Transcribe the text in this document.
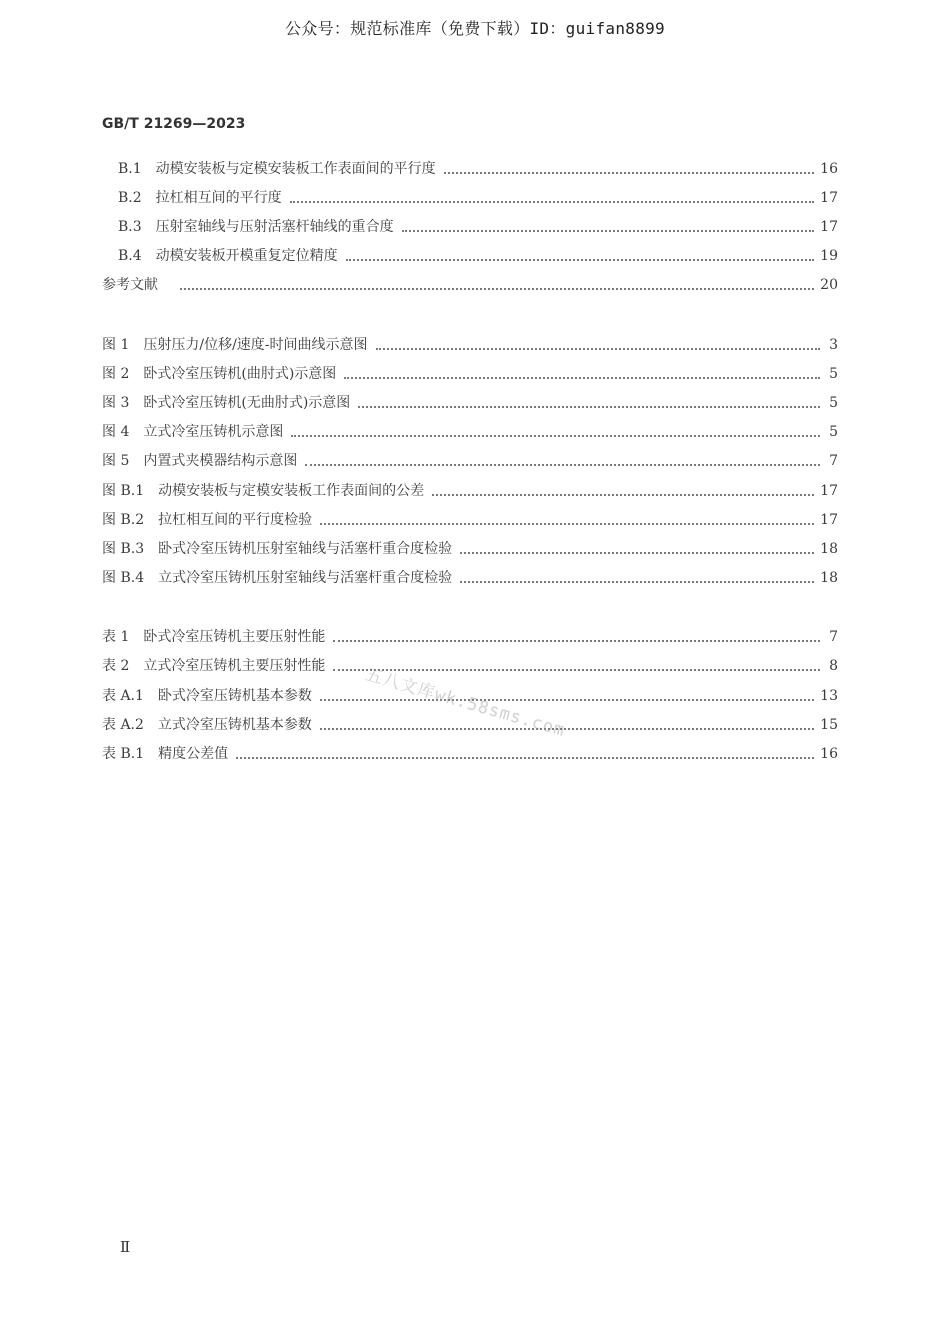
公众号：规范标准库（免费下载）ID：guifan8899
GB/T 21269—2023
B.1 动模安装板与定模安装板工作表面间的平行度	16
B.2 拉杠相互间的平行度	17
B.3 压射室轴线与压射活塞杆轴线的重合度	17
B.4 动模安装板开模重复定位精度	19
参考文献	20
图 1 压射压力/位移/速度-时间曲线示意图	3
图 2 卧式冷室压铸机(曲肘式)示意图	5
图 3 卧式冷室压铸机(无曲肘式)示意图	5
图 4 立式冷室压铸机示意图	5
图 5 内置式夹模器结构示意图	7
图 B.1 动模安装板与定模安装板工作表面间的公差	17
图 B.2 拉杠相互间的平行度检验	17
图 B.3 卧式冷室压铸机压射室轴线与活塞杆重合度检验	18
图 B.4 立式冷室压铸机压射室轴线与活塞杆重合度检验	18
表 1 卧式冷室压铸机主要压射性能	7
表 2 立式冷室压铸机主要压射性能	8
表 A.1 卧式冷室压铸机基本参数	13
表 A.2 立式冷室压铸机基本参数	15
表 B.1 精度公差值	16
五八文库wk.58sms.com
Ⅱ
